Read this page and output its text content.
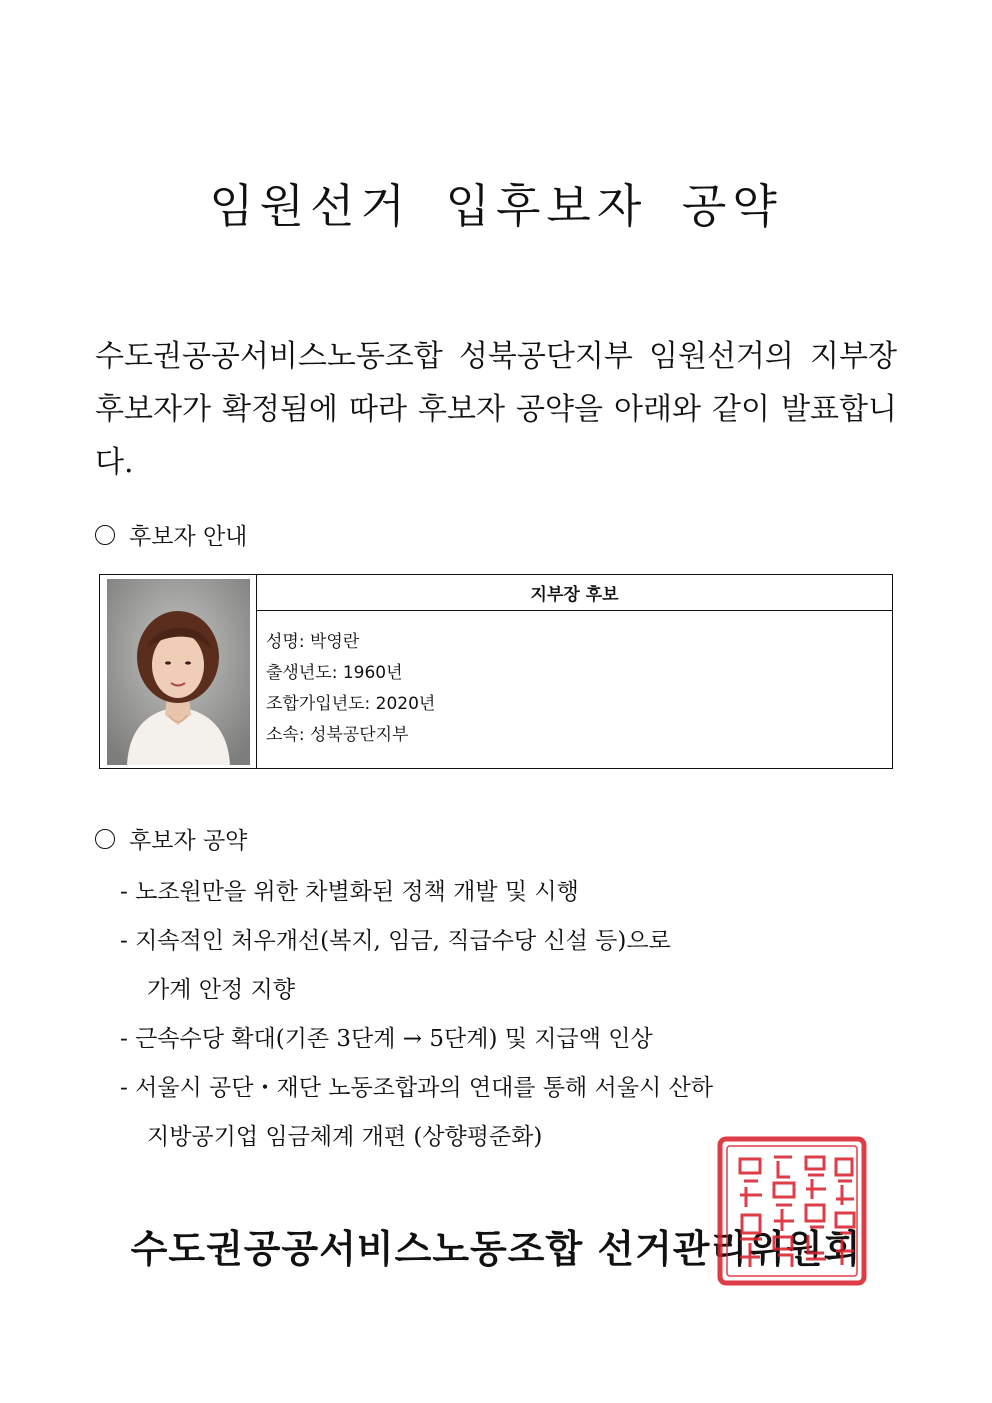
임원선거 입후보자 공약
수도권공공서비스노동조합 성북공단지부 임원선거의 지부장 후보자가 확정됨에 따라 후보자 공약을 아래와 같이 발표합니다.
후보자 안내
지부장 후보
성명: 박영란
출생년도: 1960년
조합가입년도: 2020년
소속: 성북공단지부
후보자 공약
- 노조원만을 위한 차별화된 정책 개발 및 시행
- 지속적인 처우개선(복지, 임금, 직급수당 신설 등)으로
가계 안정 지향
- 근속수당 확대(기존 3단계 → 5단계) 및 지급액 인상
- 서울시 공단・재단 노동조합과의 연대를 통해 서울시 산하
지방공기업 임금체계 개편 (상향평준화)
수도권공공서비스노동조합 선거관리위원회
